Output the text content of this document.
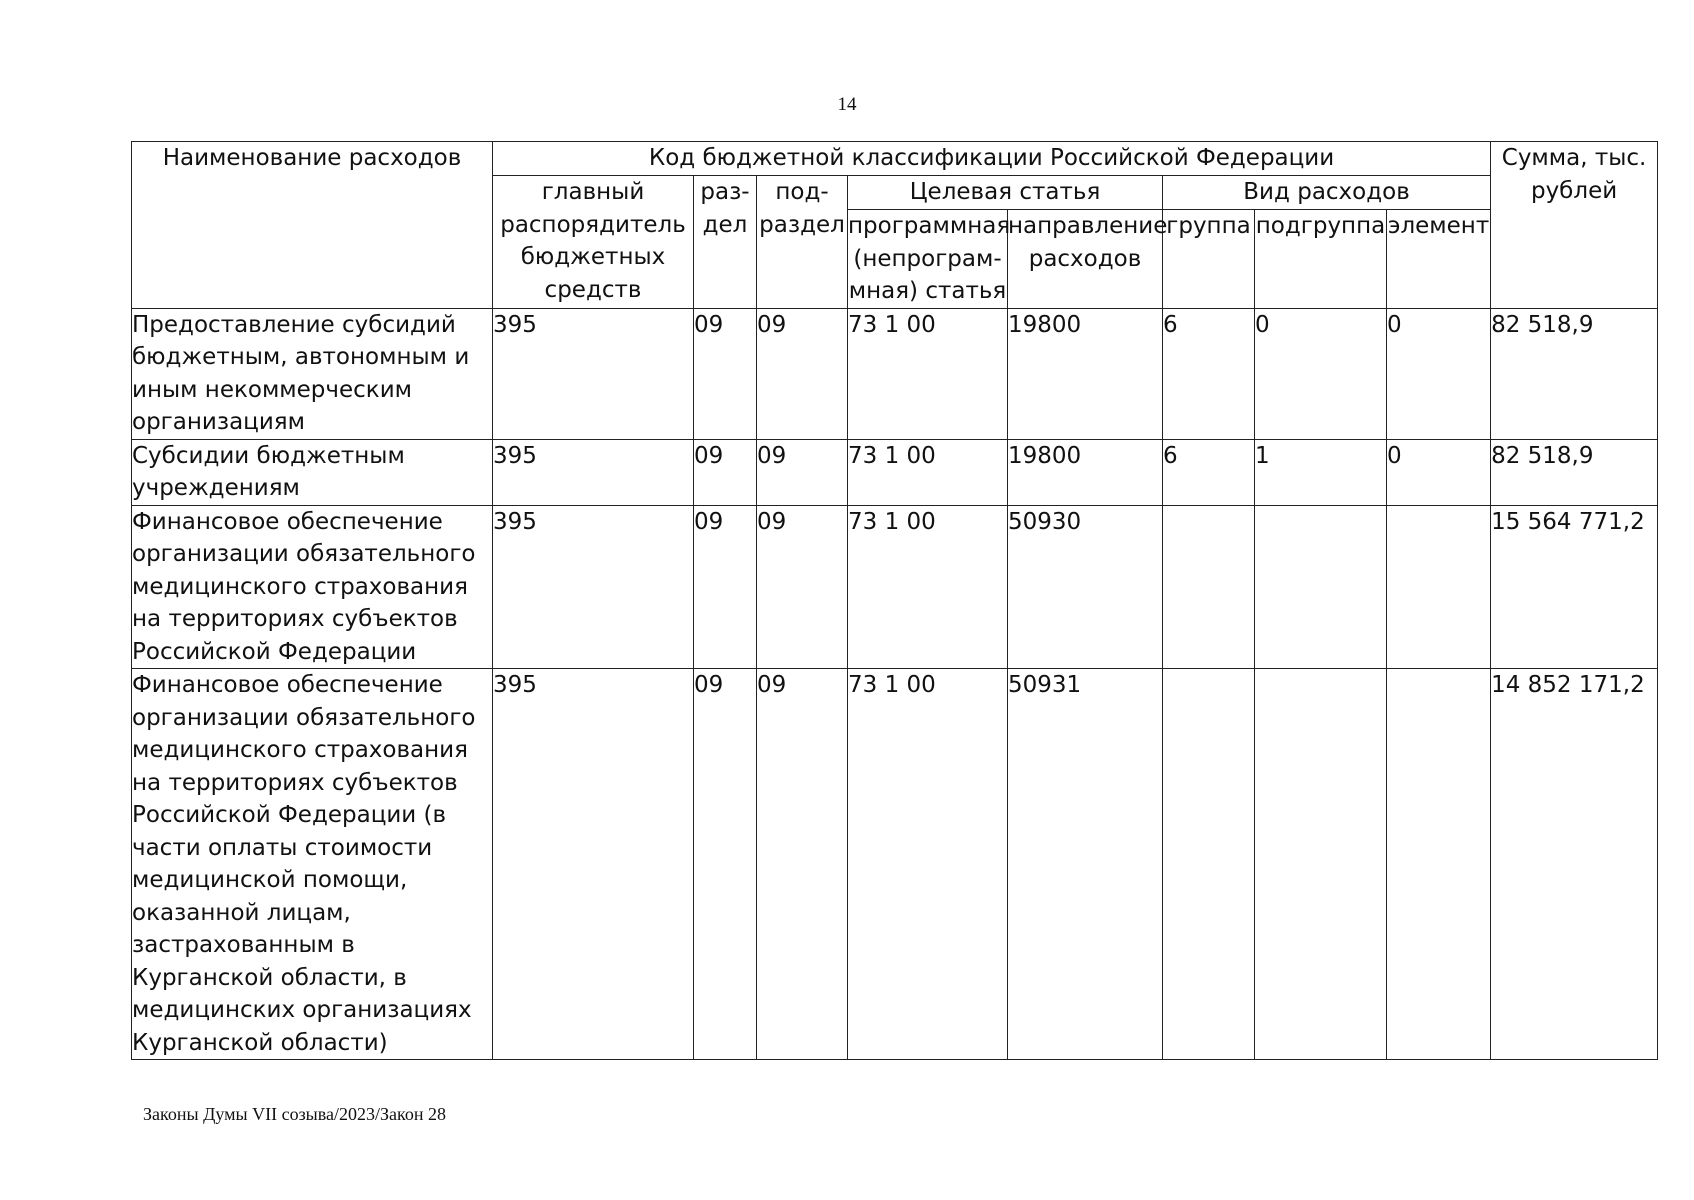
14
Наименование расходов	Код бюджетной классификации Российской Федерации								Сумма, тыс. рублей
	главный распорядитель бюджетных средств	раз-дел	под-раздел	Целевая статья		Вид расходов			
				программная (непрограм-мная) статья	направление расходов	группа	подгруппа	элемент	
Предоставление субсидий бюджетным, автономным и иным некоммерческим организациям	395	09	09	73 1 00	19800	6	0	0	82 518,9
Субсидии бюджетным учреждениям	395	09	09	73 1 00	19800	6	1	0	82 518,9
Финансовое обеспечение организации обязательного медицинского страхования на территориях субъектов Российской Федерации	395	09	09	73 1 00	50930				15 564 771,2
Финансовое обеспечение организации обязательного медицинского страхования на территориях субъектов Российской Федерации (в части оплаты стоимости медицинской помощи, оказанной лицам, застрахованным в Курганской области, в медицинских организациях Курганской области)	395	09	09	73 1 00	50931				14 852 171,2
Законы Думы VII созыва/2023/Закон 28
